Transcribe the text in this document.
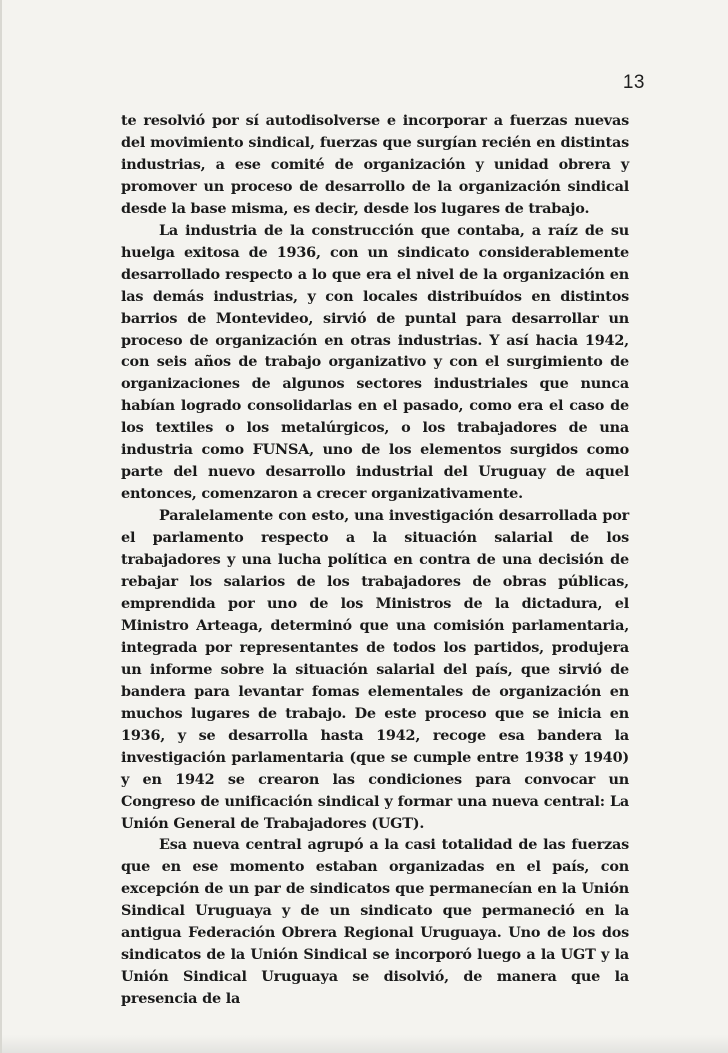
13

te resolvió por sí autodisolverse e incorporar a fuerzas nuevas del movimiento sindical, fuerzas que surgían recién en distintas industrias, a ese comité de organización y unidad obrera y promover un proceso de desarrollo de la organización sindical desde la base misma, es decir, desde los lugares de trabajo.

La industria de la construcción que contaba, a raíz de su huelga exitosa de 1936, con un sindicato considerablemente desarrollado respecto a lo que era el nivel de la organización en las demás industrias, y con locales distribuídos en distintos barrios de Montevideo, sirvió de puntal para desarrollar un proceso de organización en otras industrias. Y así hacia 1942, con seis años de trabajo organizativo y con el surgimiento de organizaciones de algunos sectores industriales que nunca habían logrado consolidarlas en el pasado, como era el caso de los textiles o los metalúrgicos, o los trabajadores de una industria como FUNSA, uno de los elementos surgidos como parte del nuevo desarrollo industrial del Uruguay de aquel entonces, comenzaron a crecer organizativamente.

Paralelamente con esto, una investigación desarrollada por el parlamento respecto a la situación salarial de los trabajadores y una lucha política en contra de una decisión de rebajar los salarios de los trabajadores de obras públicas, emprendida por uno de los Ministros de la dictadura, el Ministro Arteaga, determinó que una comisión parlamentaria, integrada por representantes de todos los partidos, produjera un informe sobre la situación salarial del país, que sirvió de bandera para levantar fomas elementales de organización en muchos lugares de trabajo. De este proceso que se inicia en 1936, y se desarrolla hasta 1942, recoge esa bandera la investigación parlamentaria (que se cumple entre 1938 y 1940) y en 1942 se crearon las condiciones para convocar un Congreso de unificación sindical y formar una nueva central: La Unión General de Trabajadores (UGT).

Esa nueva central agrupó a la casi totalidad de las fuerzas que en ese momento estaban organizadas en el país, con excepción de un par de sindicatos que permanecían en la Unión Sindical Uruguaya y de un sindicato que permaneció en la antigua Federación Obrera Regional Uruguaya. Uno de los dos sindicatos de la Unión Sindical se incorporó luego a la UGT y la Unión Sindical Uruguaya se disolvió, de manera que la presencia de la
